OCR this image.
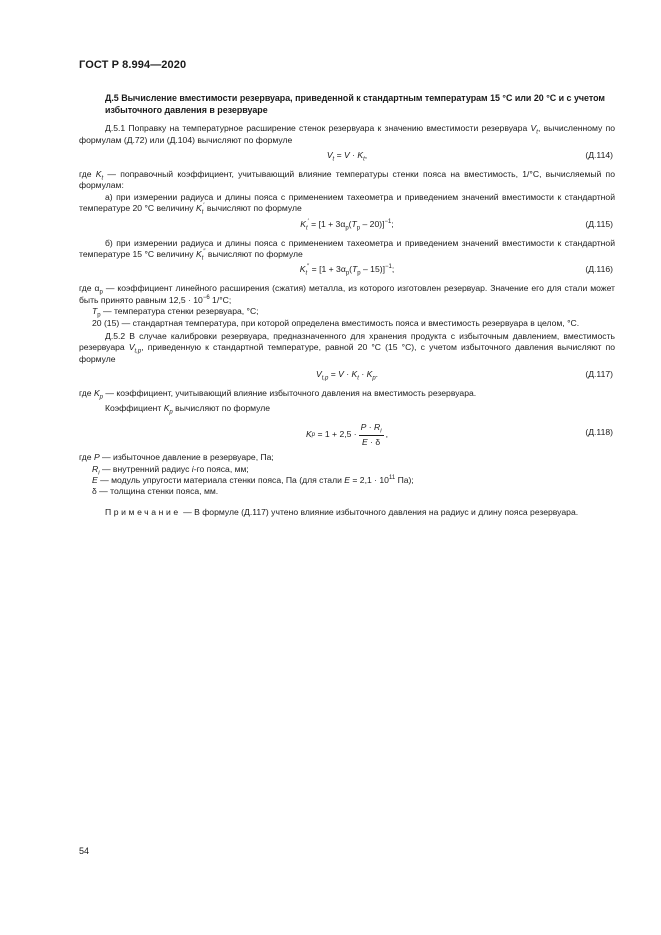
ГОСТ Р 8.994—2020
Д.5 Вычисление вместимости резервуара, приведенной к стандартным температурам 15 °С или 20 °С и с учетом избыточного давления в резервуаре

Д.5.1 Поправку на температурное расширение стенок резервуара к значению вместимости резервуара $V_t$, вычисленному по формулам (Д.72) или (Д.104) вычисляют по формуле

$V_t = V \cdot K_t$,	(Д.114)

где $K_t$ — поправочный коэффициент, учитывающий влияние температуры стенки пояса на вместимость, 1/°С, вычисляемый по формулам:

а) при измерении радиуса и длины пояса с применением тахеометра и приведением значений вместимости к стандартной температуре 20 °С величину $K_t'$ вычисляют по формуле

$K_t' = [1 + 3\alpha_р(T_р - 20)]^{-1}$;	(Д.115)

б) при измерении радиуса и длины пояса с применением тахеометра и приведением значений вместимости к стандартной температуре 15 °С величину $K_t''$ вычисляют по формуле

$K_t'' = [1 + 3\alpha_р(T_р - 15)]^{-1}$;	(Д.116)

где $\alpha_р$ — коэффициент линейного расширения (сжатия) металла, из которого изготовлен резервуар. Значение его для стали может быть принято равным $12,5 \cdot 10^{-6}$ 1/°С;

$T_р$ — температура стенки резервуара, °С;

20 (15) — стандартная температура, при которой определена вместимость пояса и вместимость резервуара в целом, °С.

Д.5.2 В случае калибровки резервуара, предназначенного для хранения продукта с избыточным давлением, вместимость резервуара $V_{t,p}$, приведенную к стандартной температуре, равной 20 °С (15 °С), с учетом избыточного давления вычисляют по формуле

$V_{t,p} = V \cdot K_t \cdot K_p$.	(Д.117)

где $K_p$ — коэффициент, учитывающий влияние избыточного давления на вместимость резервуара.

Коэффициент $K_p$ вычисляют по формуле

K $p = 1 + 2,5 \cdot \frac{P \cdot R_i}{E \cdot \delta}$ ,	(Д.118)

где P — избыточное давление в резервуаре, Па;

$R_i$ — внутренний радиус i-го пояса, мм;

E — модуль упругости материала стенки пояса, Па (для стали $E = 2,1 \cdot 10^{11}$ Па);

δ — толщина стенки пояса, мм.

Примечание — В формуле (Д.117) учтено влияние избыточного давления на радиус и длину пояса резервуара.

54
